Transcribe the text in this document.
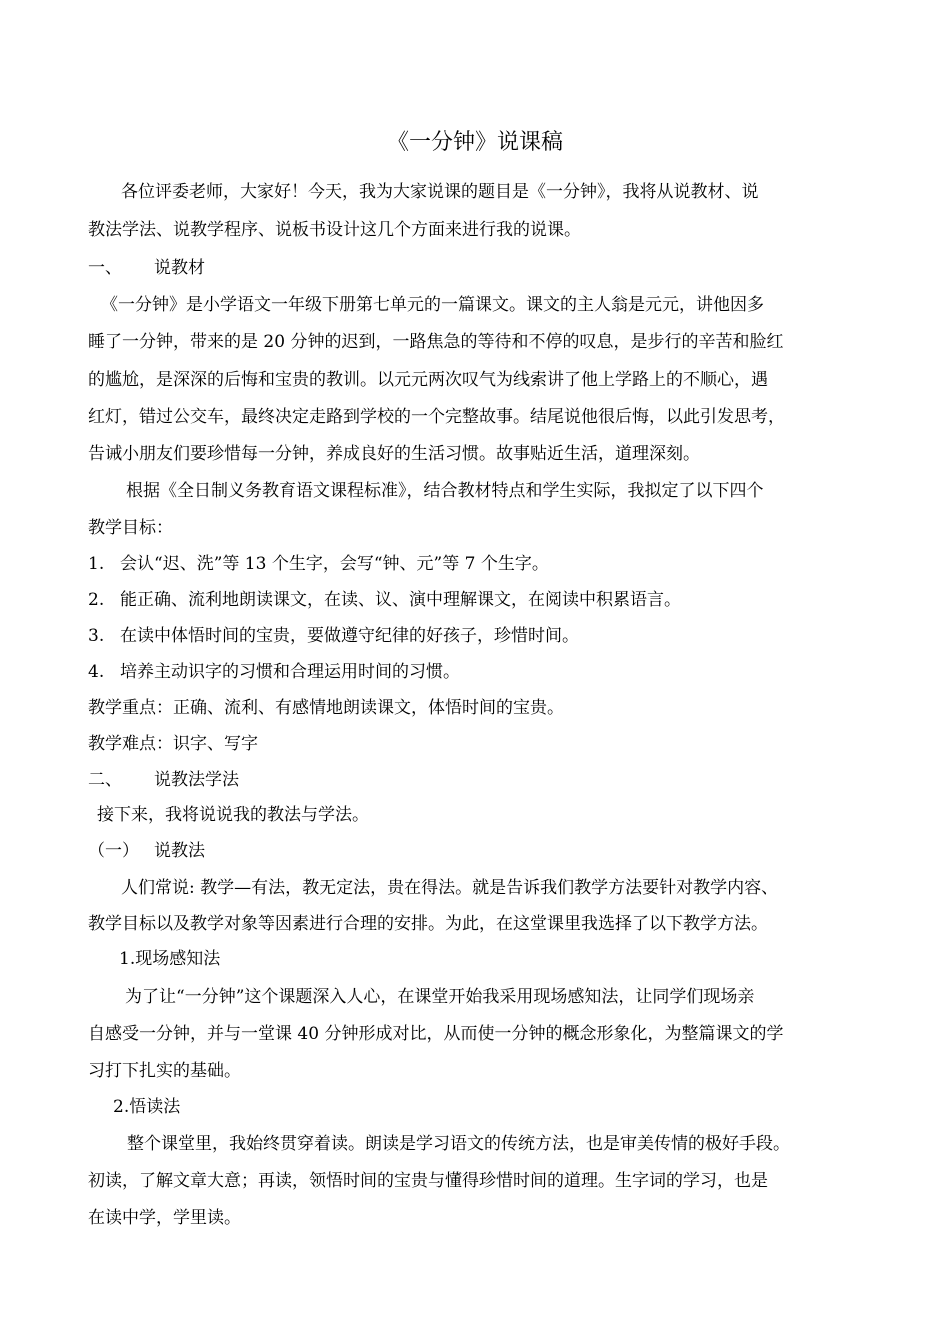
《一分钟》说课稿
各位评委老师，大家好！今天，我为大家说课的题目是《一分钟》，我将从说教材、说
教法学法、说教学程序、说板书设计这几个方面来进行我的说课。
一、 说教材
《一分钟》是小学语文一年级下册第七单元的一篇课文。课文的主人翁是元元，讲他因多
睡了一分钟，带来的是 20 分钟的迟到，一路焦急的等待和不停的叹息，是步行的辛苦和脸红
的尴尬，是深深的后悔和宝贵的教训。以元元两次叹气为线索讲了他上学路上的不顺心，遇
红灯，错过公交车，最终决定走路到学校的一个完整故事。结尾说他很后悔，以此引发思考，
告诫小朋友们要珍惜每一分钟，养成良好的生活习惯。故事贴近生活，道理深刻。
根据《全日制义务教育语文课程标准》，结合教材特点和学生实际，我拟定了以下四个
教学目标：
1. 会认“迟、洗”等 13 个生字，会写“钟、元”等 7 个生字。
2. 能正确、流利地朗读课文，在读、议、演中理解课文，在阅读中积累语言。
3. 在读中体悟时间的宝贵，要做遵守纪律的好孩子，珍惜时间。
4. 培养主动识字的习惯和合理运用时间的习惯。
教学重点：正确、流利、有感情地朗读课文，体悟时间的宝贵。
教学难点：识字、写字
二、 说教法学法
接下来，我将说说我的教法与学法。
（一） 说教法
人们常说: 教学—有法，教无定法，贵在得法。就是告诉我们教学方法要针对教学内容、
教学目标以及教学对象等因素进行合理的安排。为此，在这堂课里我选择了以下教学方法。
1.现场感知法
为了让“一分钟”这个课题深入人心，在课堂开始我采用现场感知法，让同学们现场亲
自感受一分钟，并与一堂课 40 分钟形成对比，从而使一分钟的概念形象化，为整篇课文的学
习打下扎实的基础。
2.悟读法
整个课堂里，我始终贯穿着读。朗读是学习语文的传统方法，也是审美传情的极好手段。
初读，了解文章大意；再读，领悟时间的宝贵与懂得珍惜时间的道理。生字词的学习，也是
在读中学，学里读。
